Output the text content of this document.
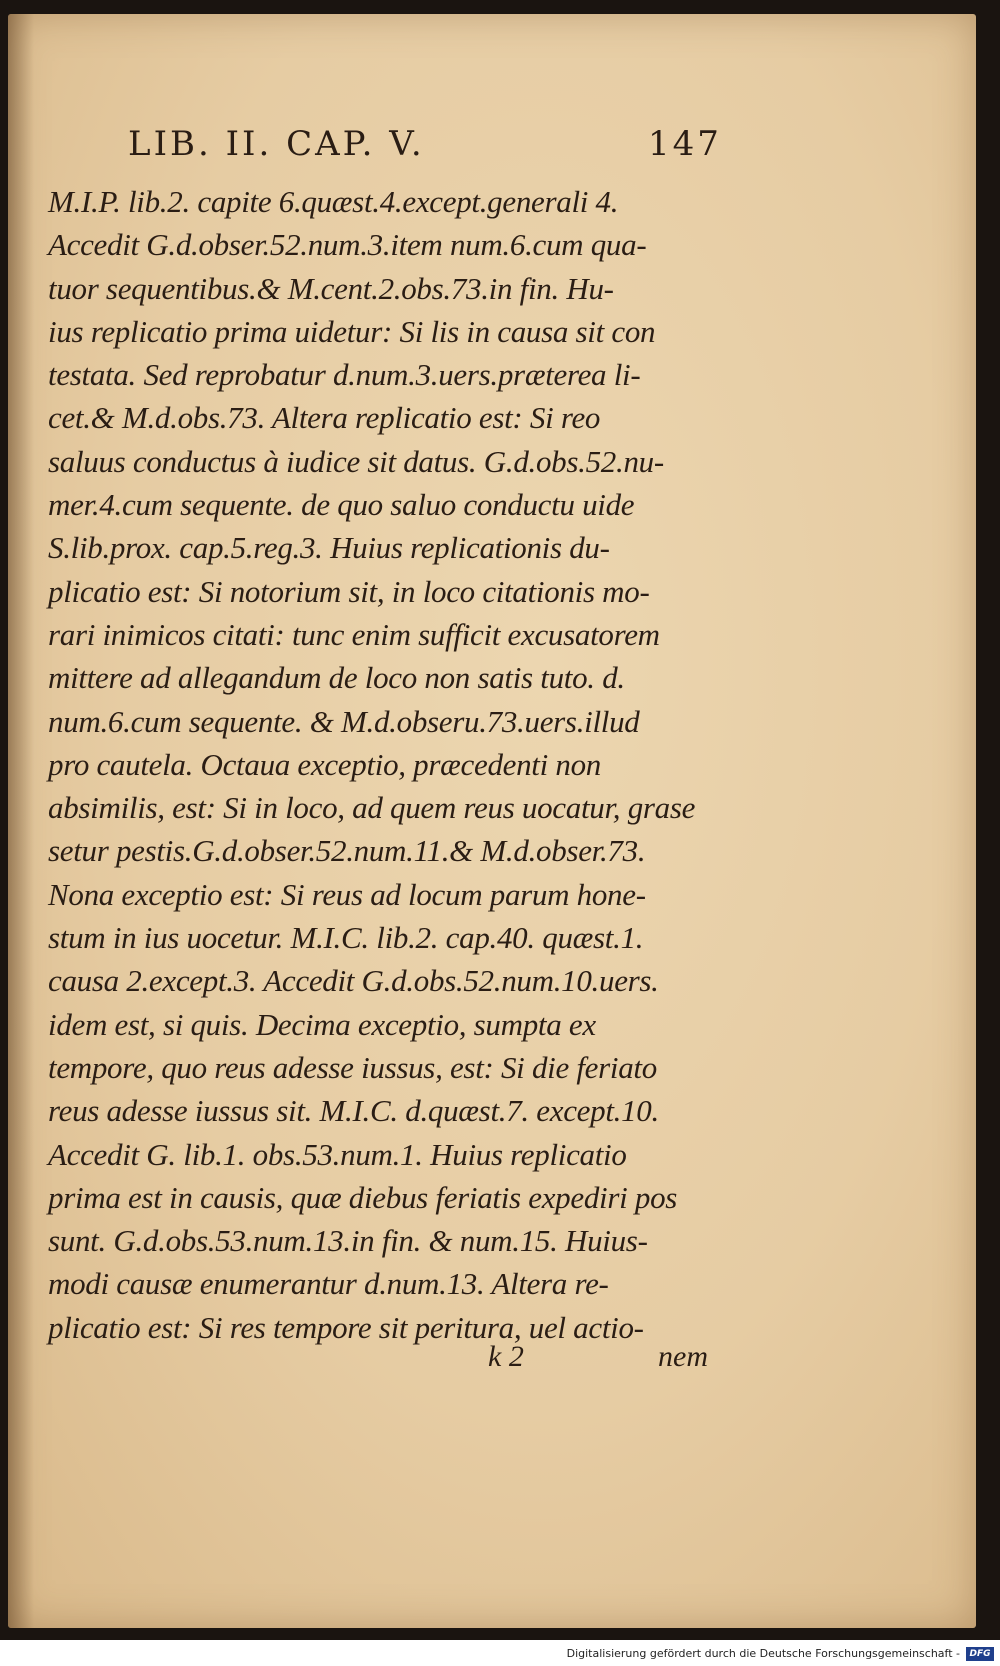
LIB. II. CAP. V.	147
M.I.P. lib.2. capite 6.quæst.4.except.generali 4.
Accedit G.d.obser.52.num.3.item num.6.cum qua-
tuor sequentibus.& M.cent.2.obs.73.in fin. Hu-
ius replicatio prima uidetur: Si lis in causa sit con
testata. Sed reprobatur d.num.3.uers.præterea li-
cet.& M.d.obs.73. Altera replicatio est: Si reo
saluus conductus à iudice sit datus. G.d.obs.52.nu-
mer.4.cum sequente. de quo saluo conductu uide
S.lib.prox. cap.5.reg.3. Huius replicationis du-
plicatio est: Si notorium sit, in loco citationis mo-
rari inimicos citati: tunc enim sufficit excusatorem
mittere ad allegandum de loco non satis tuto. d.
num.6.cum sequente. & M.d.obseru.73.uers.illud
pro cautela. Octaua exceptio, præcedenti non
absimilis, est: Si in loco, ad quem reus uocatur, grase
setur pestis.G.d.obser.52.num.11.& M.d.obser.73.
Nona exceptio est: Si reus ad locum parum hone-
stum in ius uocetur. M.I.C. lib.2. cap.40. quæst.1.
causa 2.except.3. Accedit G.d.obs.52.num.10.uers.
idem est, si quis. Decima exceptio, sumpta ex
tempore, quo reus adesse iussus, est: Si die feriato
reus adesse iussus sit. M.I.C. d.quæst.7. except.10.
Accedit G. lib.1. obs.53.num.1. Huius replicatio
prima est in causis, quæ diebus feriatis expediri pos
sunt. G.d.obs.53.num.13.in fin. & num.15. Huius-
modi causæ enumerantur d.num.13. Altera re-
plicatio est: Si res tempore sit peritura, uel actio-
k 2	nem
Digitalisierung gefördert durch die Deutsche Forschungsgemeinschaft -	DFG
